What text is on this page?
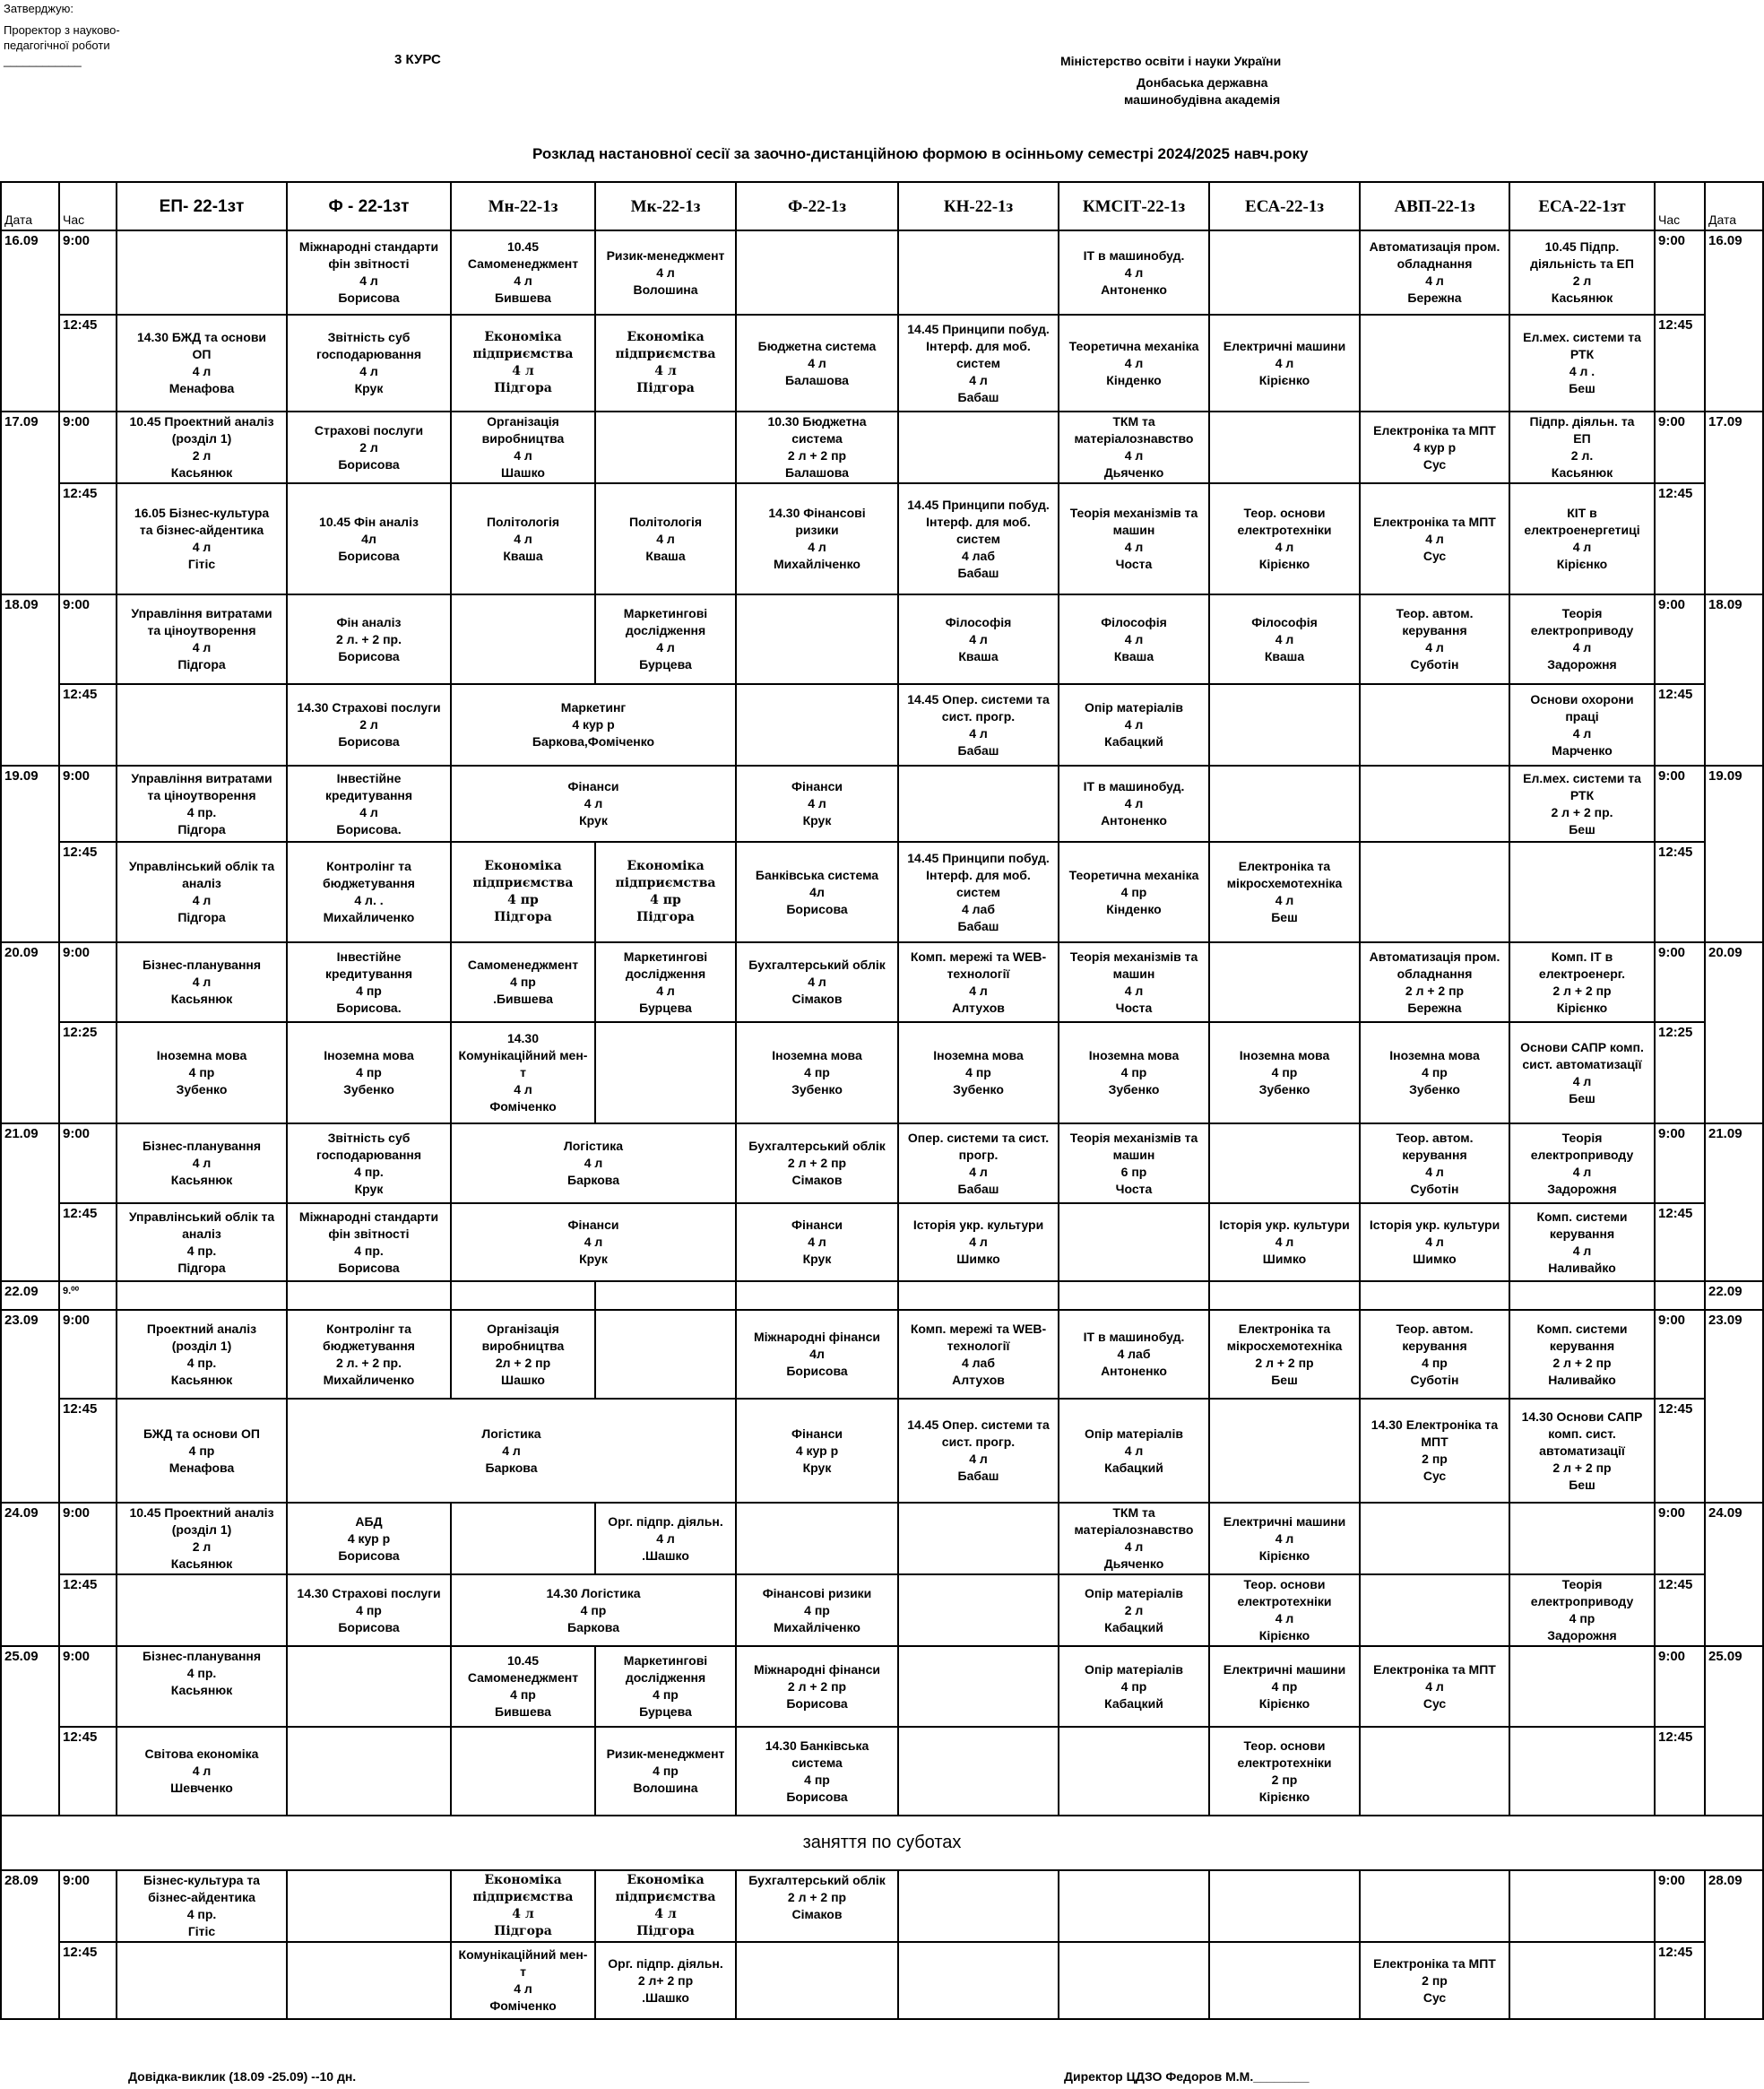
Затверджую:
Проректор з науково-
педагогічної роботи
____________	3 КУРС	Міністерство освіти і науки України
Донбаська державна
машинобудівна академія
Розклад настановної сесії за заочно-дистанційною формою в осінньому семестрі 2024/2025 навч.року
Дата	Час	ЕП- 22-1зт	Ф - 22-1зт	Мн-22-1з	Мк-22-1з	Ф-22-1з	КН-22-1з	КМСІТ-22-1з	ЕСА-22-1з	АВП-22-1з	ЕСА-22-1зт	Час	Дата
16.09	9:00		Міжнародні стандарти
фін звітності
4 л
Борисова	10.45
Самоменеджмент
4 л
Бившева	Ризик-менеджмент
4 л
Волошина			ІТ в машинобуд.
4 л
Антоненко		Автоматизація пром.
обладнання
4 л
Бережна	10.45 Підпр.
діяльність та ЕП
2 л
Касьянюк	9:00	16.09
	12:45	14.30 БЖД та основи
ОП
4 л
Менафова	Звітність суб
господарювання
4 л
Крук	Економіка
підприємства
4 л
Підгора	Економіка
підприємства
4 л
Підгора	Бюджетна система
4 л
Балашова	14.45 Принципи побуд.
Інтерф. для моб.
систем
4 л
Бабаш	Теоретична механіка
4 л
Кінденко	Електричні машини
4 л
Кірієнко		Ел.мех. системи та
РТК
4 л .
Беш	12:45	
17.09	9:00	10.45 Проектний аналіз
(розділ 1)
2 л
Касьянюк	Страхові послуги
2 л
Борисова	Організація
виробництва
4 л
Шашко		10.30 Бюджетна
система
2 л + 2 пр
Балашова		ТКМ та
матеріалознавство
4 л
Дьяченко		Електроніка та МПТ
4 кур р
Сус	Підпр. діяльн. та
ЕП
2 л.
Касьянюк	9:00	17.09
	12:45	16.05 Бізнес-культура
та бізнес-айдентика
4 л
Гітіс	10.45 Фін аналіз
4л
Борисова	Політологія
4 л
Кваша	Політологія
4 л
Кваша	14.30 Фінансові
ризики
4 л
Михайліченко	14.45 Принципи побуд.
Інтерф. для моб.
систем
4 лаб
Бабаш	Теорія механізмів та
машин
4 л
Чоста	Теор. основи
електротехніки
4 л
Кірієнко	Електроніка та МПТ
4 л
Сус	КІТ в
електроенергетиці
4 л
Кірієнко	12:45	
18.09	9:00	Управління витратами
та ціноутворення
4 л
Підгора	Фін аналіз
2 л. + 2 пр.
Борисова		Маркетингові
дослідження
4 л
Бурцева		Філософія
4 л
Кваша	Філософія
4 л
Кваша	Філософія
4 л
Кваша	Теор. автом.
керування
4 л
Суботін	Теорія
електроприводу
4 л
Задорожня	9:00	18.09
	12:45		14.30 Страхові послуги
2 л
Борисова	Маркетинг
4 кур р
Баркова,Фоміченко			14.45 Опер. системи та
сист. прогр.
4 л
Бабаш	Опір матеріалів
4 л
Кабацкий			Основи охорони
праці
4 л
Марченко	12:45	
19.09	9:00	Управління витратами
та ціноутворення
4 пр.
Підгора	Інвестійне
кредитування
4 л
Борисова.	Фінанси
4 л
Крук		Фінанси
4 л
Крук		ІТ в машинобуд.
4 л
Антоненко			Ел.мех. системи та
РТК
2 л + 2 пр.
Беш	9:00	19.09
	12:45	Управлінський облік та
аналіз
4 л
Підгора	Контролінг та
бюджетування
4 л. .
Михайличенко	Економіка
підприємства
4 пр
Підгора	Економіка
підприємства
4 пр
Підгора	Банківська система
4л
Борисова	14.45 Принципи побуд.
Інтерф. для моб.
систем
4 лаб
Бабаш	Теоретична механіка
4 пр
Кінденко	Електроніка та
мікросхемотехніка
4 л
Беш			12:45	
20.09	9:00	Бізнес-планування
4 л
Касьянюк	Інвестійне
кредитування
4 пр
Борисова.	Самоменеджмент
4 пр
.Бившева	Маркетингові
дослідження
4 л
Бурцева	Бухгалтерський облік
4 л
Сімаков	Комп. мережі та WEB-
технології
4 л
Алтухов	Теорія механізмів та
машин
4 л
Чоста		Автоматизація пром.
обладнання
2 л + 2 пр
Бережна	Комп. ІТ в
електроенерг.
2 л + 2 пр
Кірієнко	9:00	20.09
	12:25	Іноземна мова
4 пр
Зубенко	Іноземна мова
4 пр
Зубенко	14.30
Комунікаційний мен-
т
4 л
Фоміченко		Іноземна мова
4 пр
Зубенко	Іноземна мова
4 пр
Зубенко	Іноземна мова
4 пр
Зубенко	Іноземна мова
4 пр
Зубенко	Іноземна мова
4 пр
Зубенко	Основи САПР комп.
сист. автоматизації
4 л
Беш	12:25	
21.09	9:00	Бізнес-планування
4 л
Касьянюк	Звітність суб
господарювання
4 пр.
Крук	Логістика
4 л
Баркова		Бухгалтерський облік
2 л + 2 пр
Сімаков	Опер. системи та сист.
прогр.
4 л
Бабаш	Теорія механізмів та
машин
6 пр
Чоста		Теор. автом.
керування
4 л
Суботін	Теорія
електроприводу
4 л
Задорожня	9:00	21.09
	12:45	Управлінський облік та
аналіз
4 пр.
Підгора	Міжнародні стандарти
фін звітності
4 пр.
Борисова	Фінанси
4 л
Крук		Фінанси
4 л
Крук	Історія укр. культури
4 л
Шимко		Історія укр. культури
4 л
Шимко	Історія укр. культури
4 л
Шимко	Комп. системи
керування
4 л
Наливайко	12:45	
22.09	9.⁰⁰												22.09
23.09	9:00	Проектний аналіз
(розділ 1)
4 пр.
Касьянюк	Контролінг та
бюджетування
2 л. + 2 пр.
Михайличенко	Організація
виробництва
2л + 2 пр
Шашко		Міжнародні фінанси
4л
Борисова	Комп. мережі та WEB-
технології
4 лаб
Алтухов	ІТ в машинобуд.
4 лаб
Антоненко	Електроніка та
мікросхемотехніка
2 л + 2 пр
Беш	Теор. автом.
керування
4 пр
Суботін	Комп. системи
керування
2 л + 2 пр
Наливайко	9:00	23.09
	12:45	БЖД та основи ОП
4 пр
Менафова	Логістика
4 л
Баркова			Фінанси
4 кур р
Крук	14.45 Опер. системи та
сист. прогр.
4 л
Бабаш	Опір матеріалів
4 л
Кабацкий		14.30 Електроніка та
МПТ
2 пр
Сус	14.30 Основи САПР
комп. сист.
автоматизації
2 л + 2 пр
Беш	12:45	
24.09	9:00	10.45 Проектний аналіз
(розділ 1)
2 л
Касьянюк	АБД
4 кур р
Борисова		Орг. підпр. діяльн.
4 л
.Шашко			ТКМ та
матеріалознавство
4 л
Дьяченко	Електричні машини
4 л
Кірієнко			9:00	24.09
	12:45		14.30 Страхові послуги
4 пр
Борисова	14.30 Логістика
4 пр
Баркова		Фінансові ризики
4 пр
Михайліченко		Опір матеріалів
2 л
Кабацкий	Теор. основи
електротехніки
4 л
Кірієнко		Теорія
електроприводу
4 пр
Задорожня	12:45	
25.09	9:00	Бізнес-планування
4 пр.
Касьянюк		10.45
Самоменеджмент
4 пр
Бившева	Маркетингові
дослідження
4 пр
Бурцева	Міжнародні фінанси
2 л + 2 пр
Борисова		Опір матеріалів
4 пр
Кабацкий	Електричні машини
4 пр
Кірієнко	Електроніка та МПТ
4 л
Сус		9:00	25.09
	12:45	Світова економіка
4 л
Шевченко			Ризик-менеджмент
4 пр
Волошина	14.30 Банківська
система
4 пр
Борисова			Теор. основи
електротехніки
2 пр
Кірієнко			12:45	
заняття по суботах													
28.09	9:00	Бізнес-культура та
бізнес-айдентика
4 пр.
Гітіс		Економіка
підприємства
4 л
Підгора	Економіка
підприємства
4 л
Підгора	Бухгалтерський облік
2 л + 2 пр
Сімаков						9:00	28.09
	12:45			Комунікаційний мен-
т
4 л
Фоміченко	Орг. підпр. діяльн.
2 л+ 2 пр
.Шашко					Електроніка та МПТ
2 пр
Сус		12:45	
Довідка-виклик (18.09 -25.09) --10 дн.	Директор ЦДЗО Федоров М.М.________
